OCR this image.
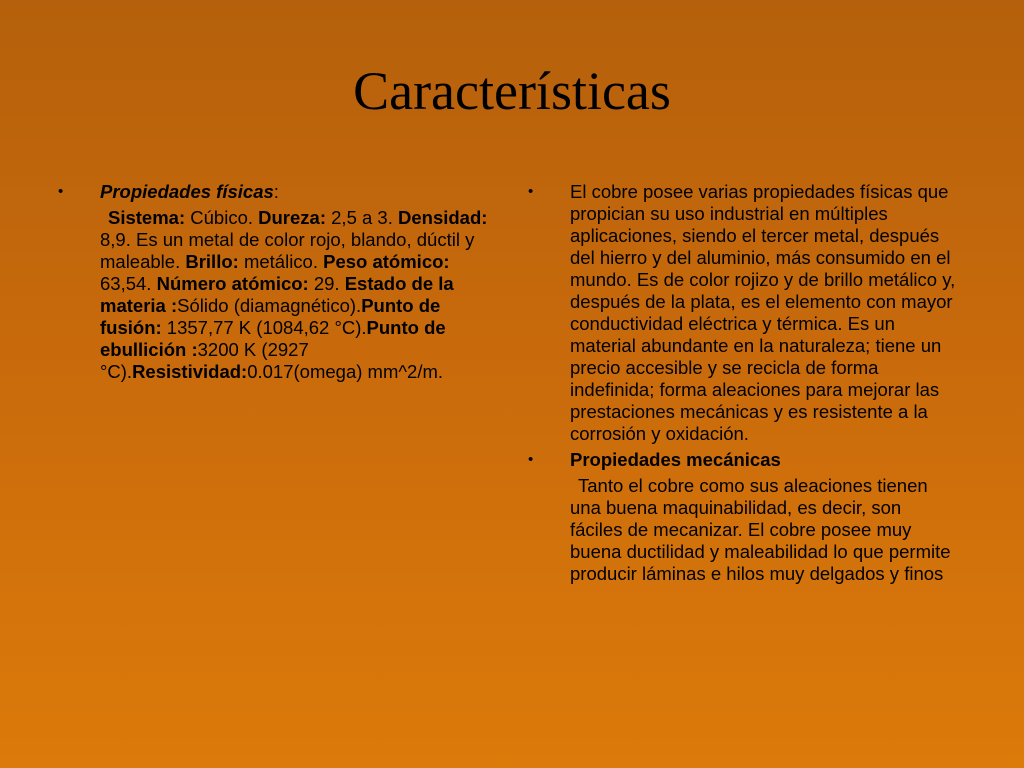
Características
•	Propiedades físicas:
Sistema: Cúbico. Dureza: 2,5 a 3. Densidad: 8,9. Es un metal de color rojo, blando, dúctil y maleable. Brillo: metálico. Peso atómico: 63,54. Número atómico: 29. Estado de la materia :Sólido (diamagnético).Punto de fusión: 1357,77 K (1084,62 °C).Punto de ebullición :3200 K (2927 °C).Resistividad:0.017(omega) mm^2/m.
•	El cobre posee varias propiedades físicas que propician su uso industrial en múltiples aplicaciones, siendo el tercer metal, después del hierro y del aluminio, más consumido en el mundo. Es de color rojizo y de brillo metálico y, después de la plata, es el elemento con mayor conductividad eléctrica y térmica. Es un material abundante en la naturaleza; tiene un precio accesible y se recicla de forma indefinida; forma aleaciones para mejorar las prestaciones mecánicas y es resistente a la corrosión y oxidación.
•	Propiedades mecánicas
Tanto el cobre como sus aleaciones tienen una buena maquinabilidad, es decir, son fáciles de mecanizar. El cobre posee muy buena ductilidad y maleabilidad lo que permite producir láminas e hilos muy delgados y finos
